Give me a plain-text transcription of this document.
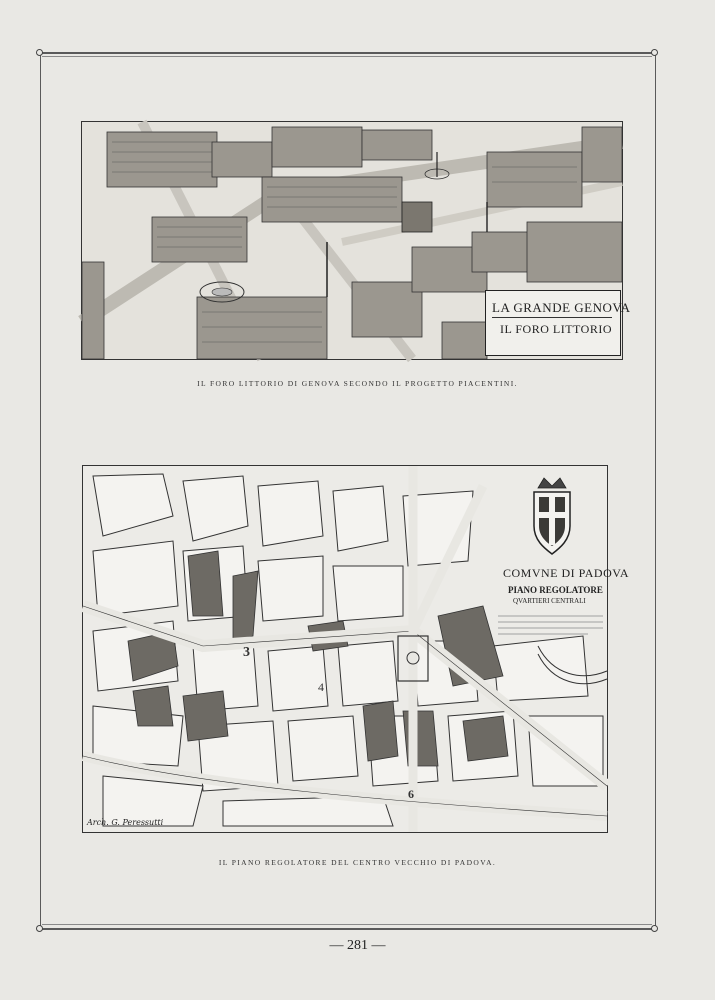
LA GRANDE GENOVA
IL FORO LITTORIO
IL FORO LITTORIO DI GENOVA SECONDO IL PROGETTO PIACENTINI.
3
4
6
COMVNE DI PADOVA
PIANO REGOLATORE
QVARTIERI CENTRALI
Arch. G. Peressutti
IL PIANO REGOLATORE DEL CENTRO VECCHIO DI PADOVA.
— 281 —
